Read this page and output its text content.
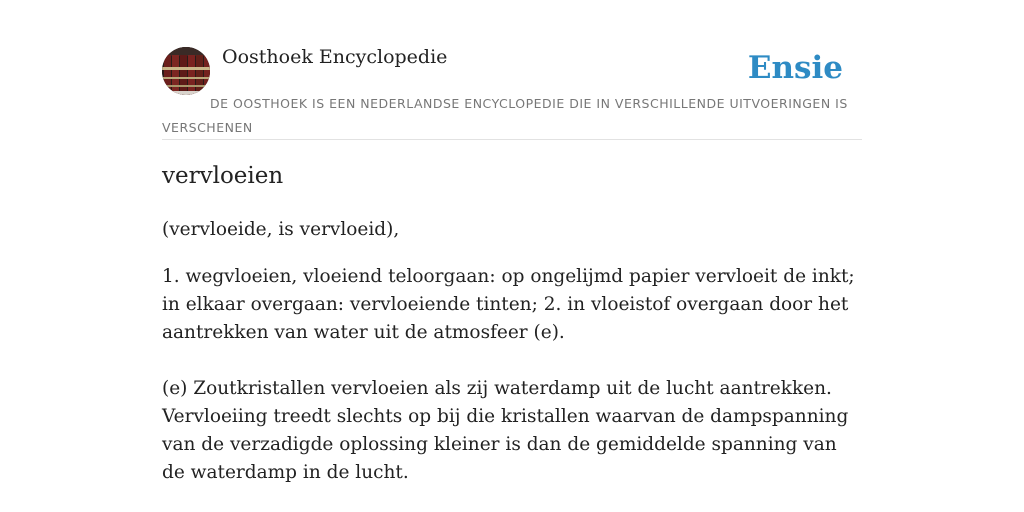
Oosthoek Encyclopedie	Ensie
DE OOSTHOEK IS EEN NEDERLANDSE ENCYCLOPEDIE DIE IN VERSCHILLENDE UITVOERINGEN IS VERSCHENEN
vervloeien

(vervloeide, is vervloeid),

1. wegvloeien, vloeiend teloorgaan: op ongelijmd papier vervloeit de inkt; in elkaar overgaan: vervloeiende tinten; 2. in vloeistof overgaan door het aantrekken van water uit de atmosfeer (e).

(e) Zoutkristallen vervloeien als zij waterdamp uit de lucht aantrekken. Vervloeiing treedt slechts op bij die kristallen waarvan de dampspanning van de verzadigde oplossing kleiner is dan de gemiddelde spanning van de waterdamp in de lucht.
